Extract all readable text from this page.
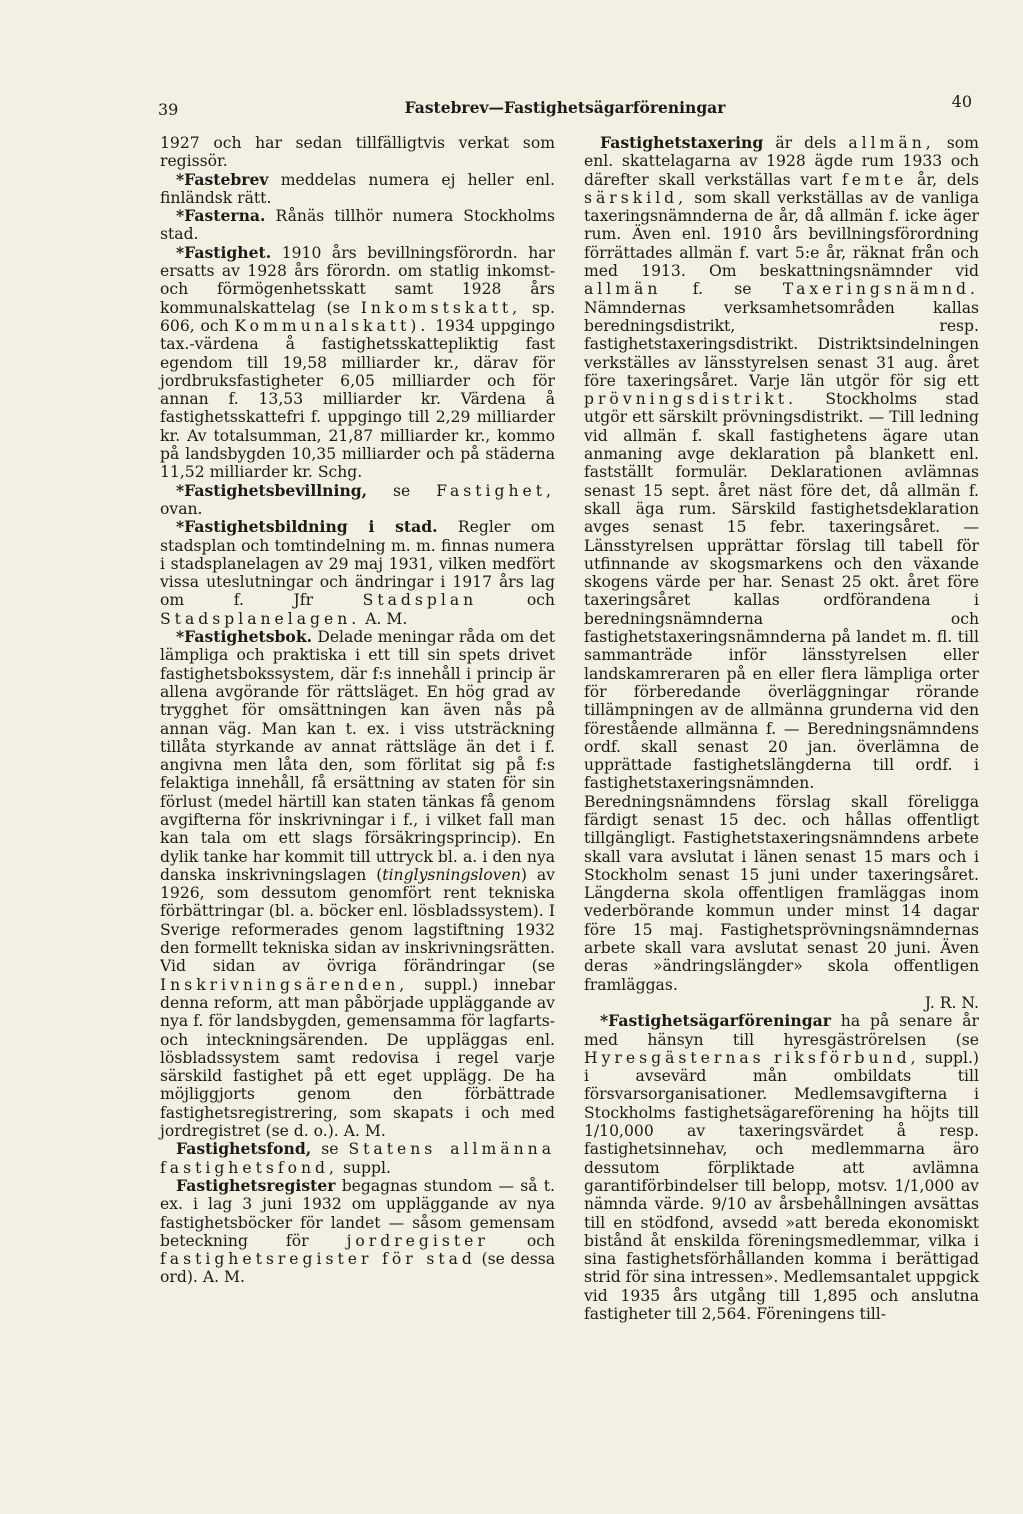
39	Fastebrev—Fastighetsägarföreningar	40

1927 och har sedan tillfälligtvis verkat som regissör.

*Fastebrev meddelas numera ej heller enl. finländsk rätt.

*Fasterna. Rånäs tillhör numera Stockholms stad.

*Fastighet. 1910 års bevillningsförordn. har ersatts av 1928 års förordn. om statlig inkomst- och förmögenhetsskatt samt 1928 års kommunalskattelag (se Inkomstskatt, sp. 606, och Kommunalskatt). 1934 uppgingo tax.-värdena å fastighetsskattepliktig fast egendom till 19,58 milliarder kr., därav för jordbruksfastigheter 6,05 milliarder och för annan f. 13,53 milliarder kr. Värdena å fastighetsskattefri f. uppgingo till 2,29 milliarder kr. Av totalsumman, 21,87 milliarder kr., kommo på landsbygden 10,35 milliarder och på städerna 11,52 milliarder kr. Schg.

*Fastighetsbevillning, se Fastighet, ovan.

*Fastighetsbildning i stad. Regler om stadsplan och tomtindelning m. m. finnas numera i stadsplanelagen av 29 maj 1931, vilken medfört vissa uteslutningar och ändringar i 1917 års lag om f. Jfr	Stadsplan	och Stadsplanelagen. A. M.

*Fastighetsbok. Delade meningar råda om det lämpliga och praktiska i ett till sin spets drivet fastighetsbokssystem, där f:s innehåll i princip är allena avgörande för rättsläget. En hög grad av trygghet för omsättningen kan även nås på annan väg. Man kan t. ex. i viss utsträckning tillåta styrkande av annat rättsläge än det i f. angivna men låta den, som förlitat sig på f:s felaktiga innehåll, få ersättning av staten för sin förlust (medel härtill kan staten tänkas få genom avgifterna för inskrivningar i f., i vilket fall man kan tala om ett slags försäkringsprincip). En dylik tanke har kommit till uttryck bl. a. i den nya danska inskrivningslagen (tinglysningsloven) av 1926, som dessutom genomfört rent tekniska förbättringar (bl. a. böcker enl. lösbladssystem). I Sverige reformerades genom lagstiftning 1932 den formellt tekniska sidan av inskrivningsrätten. Vid sidan av övriga förändringar (se Inskrivningsärenden, suppl.) innebar denna reform, att man påbörjade uppläggande av nya f. för landsbygden, gemensamma för lagfarts- och inteckningsärenden. De uppläggas enl. lösbladssystem samt redovisa i regel varje särskild fastighet på ett eget upplägg. De ha möjliggjorts genom den förbättrade fastighetsregistrering, som skapats i och med jordregistret (se d. o.). A. M.

Fastighetsfond, se Statens allmänna fastighetsfond, suppl.

Fastighetsregister begagnas stundom — så t. ex. i lag 3 juni 1932 om uppläggande av nya fastighetsböcker för landet — såsom gemensam beteckning för jordregister och fastighetsregister för stad (se dessa ord). A. M.

Fastighetstaxering är dels allmän, som enl. skattelagarna av 1928 ägde rum 1933 och därefter skall verkställas vart femte år, dels särskild, som skall verkställas av de vanliga taxeringsnämnderna de år, då allmän f. icke äger rum. Även enl. 1910 års bevillningsförordning förrättades allmän f. vart 5:e år, räknat från och med 1913. Om beskattningsnämnder vid allmän f. se Taxeringsnämnd. Nämndernas verksamhetsområden kallas beredningsdistrikt, resp. fastighetstaxeringsdistrikt. Distriktsindelningen verkställes av länsstyrelsen senast 31 aug. året före taxeringsåret. Varje län utgör för sig ett prövningsdistrikt. Stockholms stad utgör ett särskilt prövningsdistrikt. — Till ledning vid allmän f. skall fastighetens ägare utan anmaning avge deklaration på blankett enl. fastställt formulär. Deklarationen avlämnas senast 15 sept. året näst före det, då allmän f. skall äga rum. Särskild fastighetsdeklaration avges senast 15 febr. taxeringsåret. — Länsstyrelsen upprättar förslag till tabell för utfinnande av skogsmarkens och den växande skogens värde per har. Senast 25 okt. året före taxeringsåret kallas ordförandena i beredningsnämnderna och fastighetstaxeringsnämnderna på landet m. fl. till sammanträde inför länsstyrelsen eller landskamreraren på en eller flera lämpliga orter för förberedande överläggningar rörande tillämpningen av de allmänna grunderna vid den förestående allmänna f. — Beredningsnämndens ordf. skall senast 20 jan. överlämna de upprättade fastighetslängderna till ordf. i fastighetstaxeringsnämnden. Beredningsnämndens förslag skall föreligga färdigt senast 15 dec. och hållas offentligt tillgängligt. Fastighetstaxeringsnämndens arbete skall vara avslutat i länen senast 15 mars och i Stockholm senast 15 juni under taxeringsåret. Längderna skola offentligen framläggas inom vederbörande kommun under minst 14 dagar före 15 maj. Fastighetsprövningsnämndernas arbete skall vara avslutat senast 20 juni. Även deras »ändringslängder» skola offentligen framläggas.
J. R. N.

*Fastighetsägarföreningar ha på senare år med hänsyn till hyresgäströrelsen (se Hyresgästernas riksförbund, suppl.) i avsevärd mån ombildats till försvarsorganisationer. Medlemsavgifterna i Stockholms fastighetsägareförening ha höjts till 1/10,000 av taxeringsvärdet å resp. fastighetsinnehav, och medlemmarna äro dessutom förpliktade att avlämna garantiförbindelser till belopp, motsv. 1/1,000 av nämnda värde. 9/10 av årsbehållningen avsättas till en stödfond, avsedd »att bereda ekonomiskt bistånd åt enskilda föreningsmedlemmar, vilka i sina fastighetsförhållanden komma i berättigad strid för sina intressen». Medlemsantalet uppgick vid 1935 års utgång till 1,895 och anslutna fastigheter till 2,564. Föreningens till-
